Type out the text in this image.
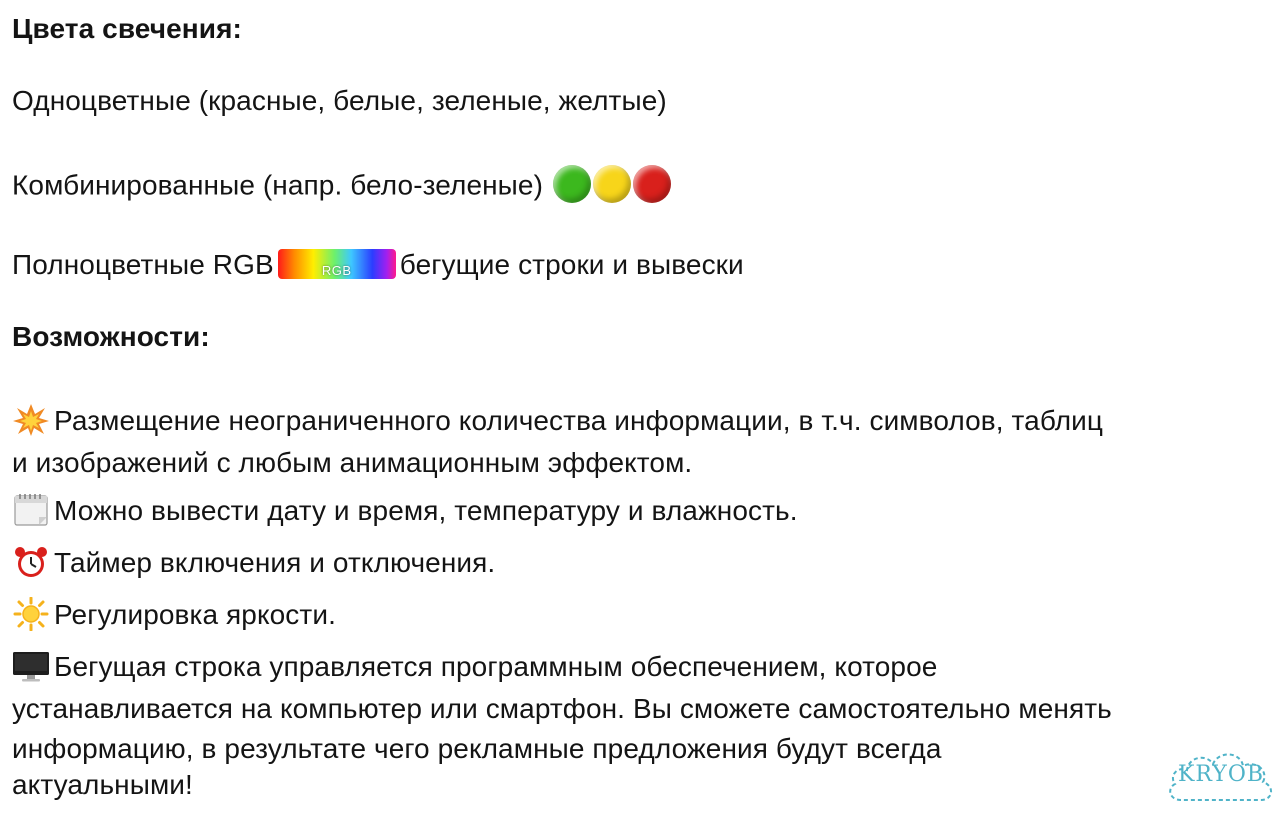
Цвета свечения:
Одноцветные (красные, белые, зеленые, желтые)
Комбинированные (напр. бело-зеленые)
Полноцветные RGB	RGB бегущие строки и вывески
Возможности:
Размещение неограниченного количества информации, в т.ч. символов, таблиц
и изображений с любым анимационным эффектом.
Можно вывести дату и время, температуру и влажность.
Таймер включения и отключения.
Регулировка яркости.
Бегущая строка управляется программным обеспечением, которое
устанавливается на компьютер или смартфон. Вы сможете самостоятельно менять
информацию, в результате чего рекламные предложения будут всегда
актуальными!	KRYOB
